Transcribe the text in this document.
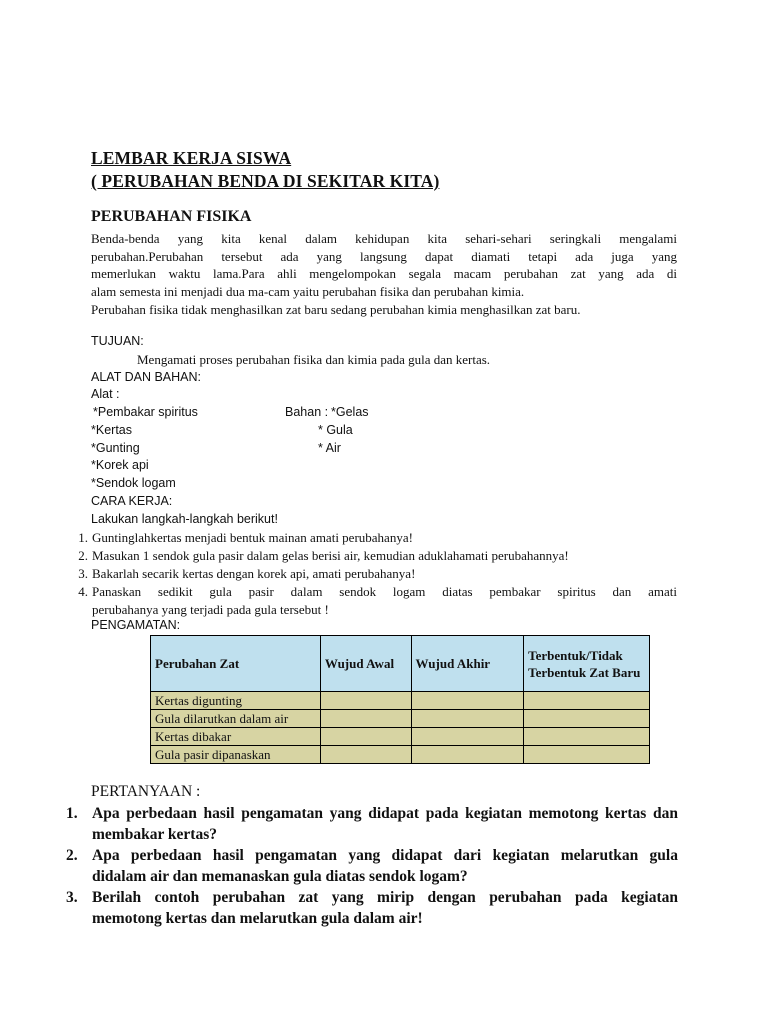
LEMBAR KERJA SISWA
( PERUBAHAN BENDA DI SEKITAR KITA)
PERUBAHAN FISIKA
Benda-benda yang kita kenal dalam kehidupan kita sehari-sehari seringkali mengalami
perubahan.Perubahan tersebut ada yang langsung dapat diamati tetapi ada juga yang
memerlukan waktu lama.Para ahli mengelompokan segala macam perubahan zat yang ada di
alam semesta ini menjadi dua ma-cam yaitu perubahan fisika dan perubahan kimia.
Perubahan fisika tidak menghasilkan zat baru sedang perubahan kimia menghasilkan zat baru.
TUJUAN:
Mengamati proses perubahan fisika dan kimia pada gula dan kertas.
ALAT DAN BAHAN:
Alat :
*Pembakar spiritus
*Kertas
*Gunting
*Korek api
*Sendok logam
Bahan : *Gelas
* Gula
* Air
CARA KERJA:
Lakukan langkah-langkah berikut!
1. Guntinglahkertas menjadi bentuk mainan amati perubahanya!
2. Masukan 1 sendok gula pasir dalam gelas berisi air, kemudian aduklahamati perubahannya!
3. Bakarlah secarik kertas dengan korek api, amati perubahanya!
4. Panaskan sedikit gula pasir dalam sendok logam diatas pembakar spiritus dan amati
perubahanya yang terjadi pada gula tersebut !
PENGAMATAN:
Perubahan Zat	Wujud Awal	Wujud Akhir	Terbentuk/Tidak Terbentuk Zat Baru
Kertas digunting			
Gula dilarutkan dalam air			
Kertas dibakar			
Gula pasir dipanaskan			
PERTANYAAN :
1. Apa perbedaan hasil pengamatan yang didapat pada kegiatan memotong kertas dan
membakar kertas?
2. Apa perbedaan hasil pengamatan yang didapat dari kegiatan melarutkan gula
didalam air dan memanaskan gula diatas sendok logam?
3. Berilah contoh perubahan zat yang mirip dengan perubahan pada kegiatan
memotong kertas dan melarutkan gula dalam air!
